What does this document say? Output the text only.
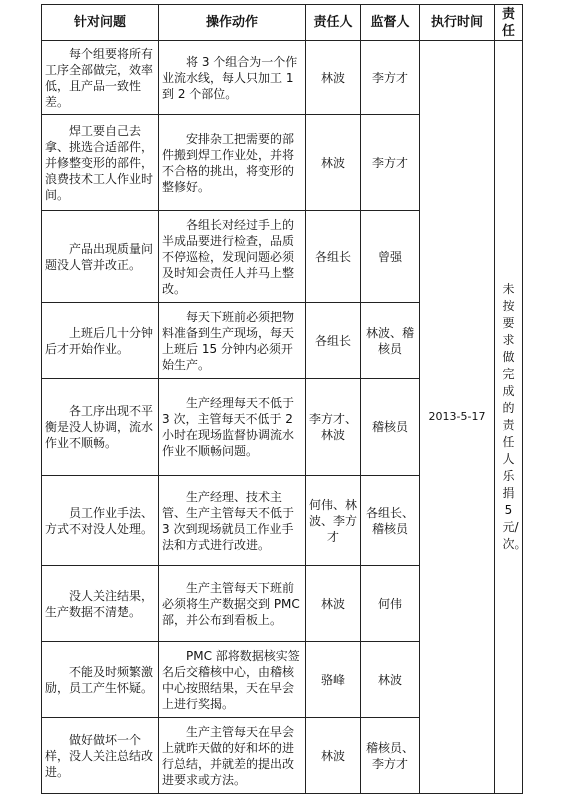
针对问题	操作动作	责任人	监督人	执行时间	责任

每个组要将所有工序全部做完，效率低，且产品一致性差。	将 3 个组合为一个作业流水线，每人只加工 1 到 2 个部位。	林波	李方才	2013-5-17	未按要求做完成的责任人乐捐5元/次。

焊工要自己去拿、挑选合适部件，并修整变形的部件，浪费技术工人作业时间。	安排杂工把需要的部件搬到焊工作业处，并将不合格的挑出，将变形的整修好。	林波	李方才		
产品出现质量问题没人管并改正。	各组长对经过手上的半成品要进行检查，品质不停巡检，发现问题必须及时知会责任人并马上整改。	各组长	曾强		
上班后几十分钟后才开始作业。	每天下班前必须把物料准备到生产现场，每天上班后 15 分钟内必须开始生产。	各组长	林波、稽核员		
各工序出现不平衡是没人协调，流水作业不顺畅。	生产经理每天不低于 3 次，主管每天不低于 2 小时在现场监督协调流水作业不顺畅问题。	李方才、林波	稽核员		
员工作业手法、方式不对没人处理。	生产经理、技术主管、生产主管每天不低于 3 次到现场就员工作业手法和方式进行改进。	何伟、林波、李方才	各组长、稽核员		
没人关注结果，生产数据不清楚。	生产主管每天下班前必须将生产数据交到 PMC 部，并公布到看板上。	林波	何伟		
不能及时频繁激励，员工产生怀疑。	PMC 部将数据核实签名后交稽核中心，由稽核中心按照结果，天在早会上进行奖揭。	骆峰	林波		
做好做坏一个样，没人关注总结改进。	生产主管每天在早会上就昨天做的好和坏的进行总结，并就差的提出改进要求或方法。	林波	稽核员、李方才		
